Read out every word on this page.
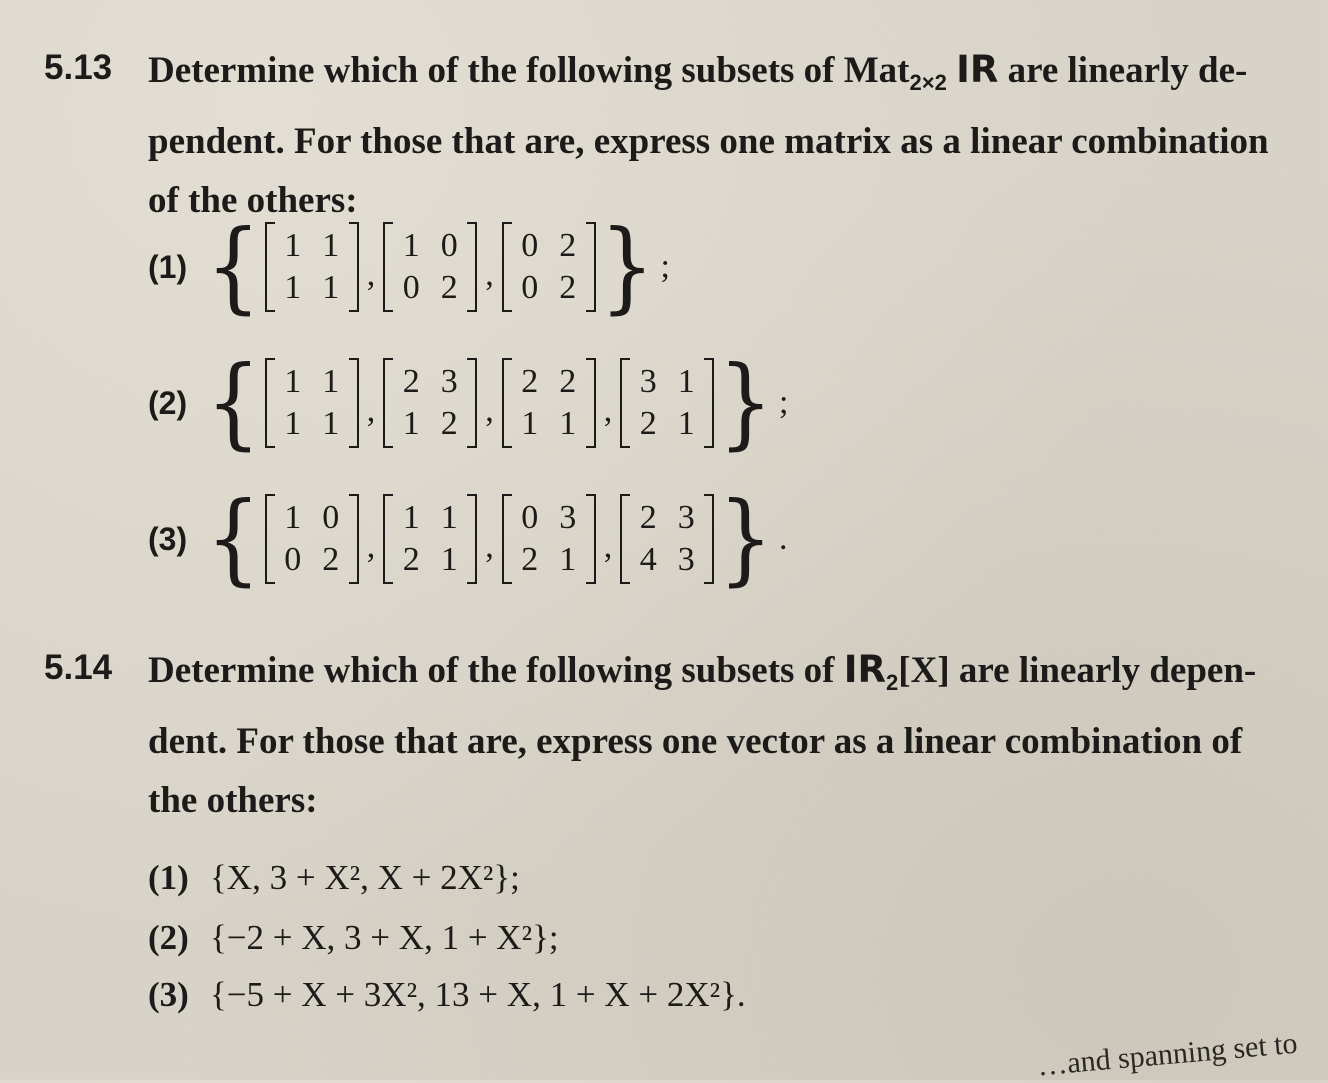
5.13 Determine which of the following subsets of Mat$_{2\times 2}$ IR are linearly de-
pendent. For those that are, express one matrix as a linear combination
of the others:
(1) { 1 1
1 1 ,
1 0
0 2 ,
0 2
0 2 } ;
(2) { 1 1
1 1 ,
2 3
1 2 ,
2 2
1 1 ,
3 1
2 1 } ;
(3) { 1 0
0 2 ,
1 1
2 1 ,
0 3
2 1 ,
2 3
4 3 } .
5.14 Determine which of the following subsets of $IR_2[X]$ are linearly depen-
dent. For those that are, express one vector as a linear combination of
the others:
(1) {X, 3 + X², X + 2X²};
(2) {−2 + X, 3 + X, 1 + X²};
(3) {−5 + X + 3X², 13 + X, 1 + X + 2X²}.
…and spanning set to
